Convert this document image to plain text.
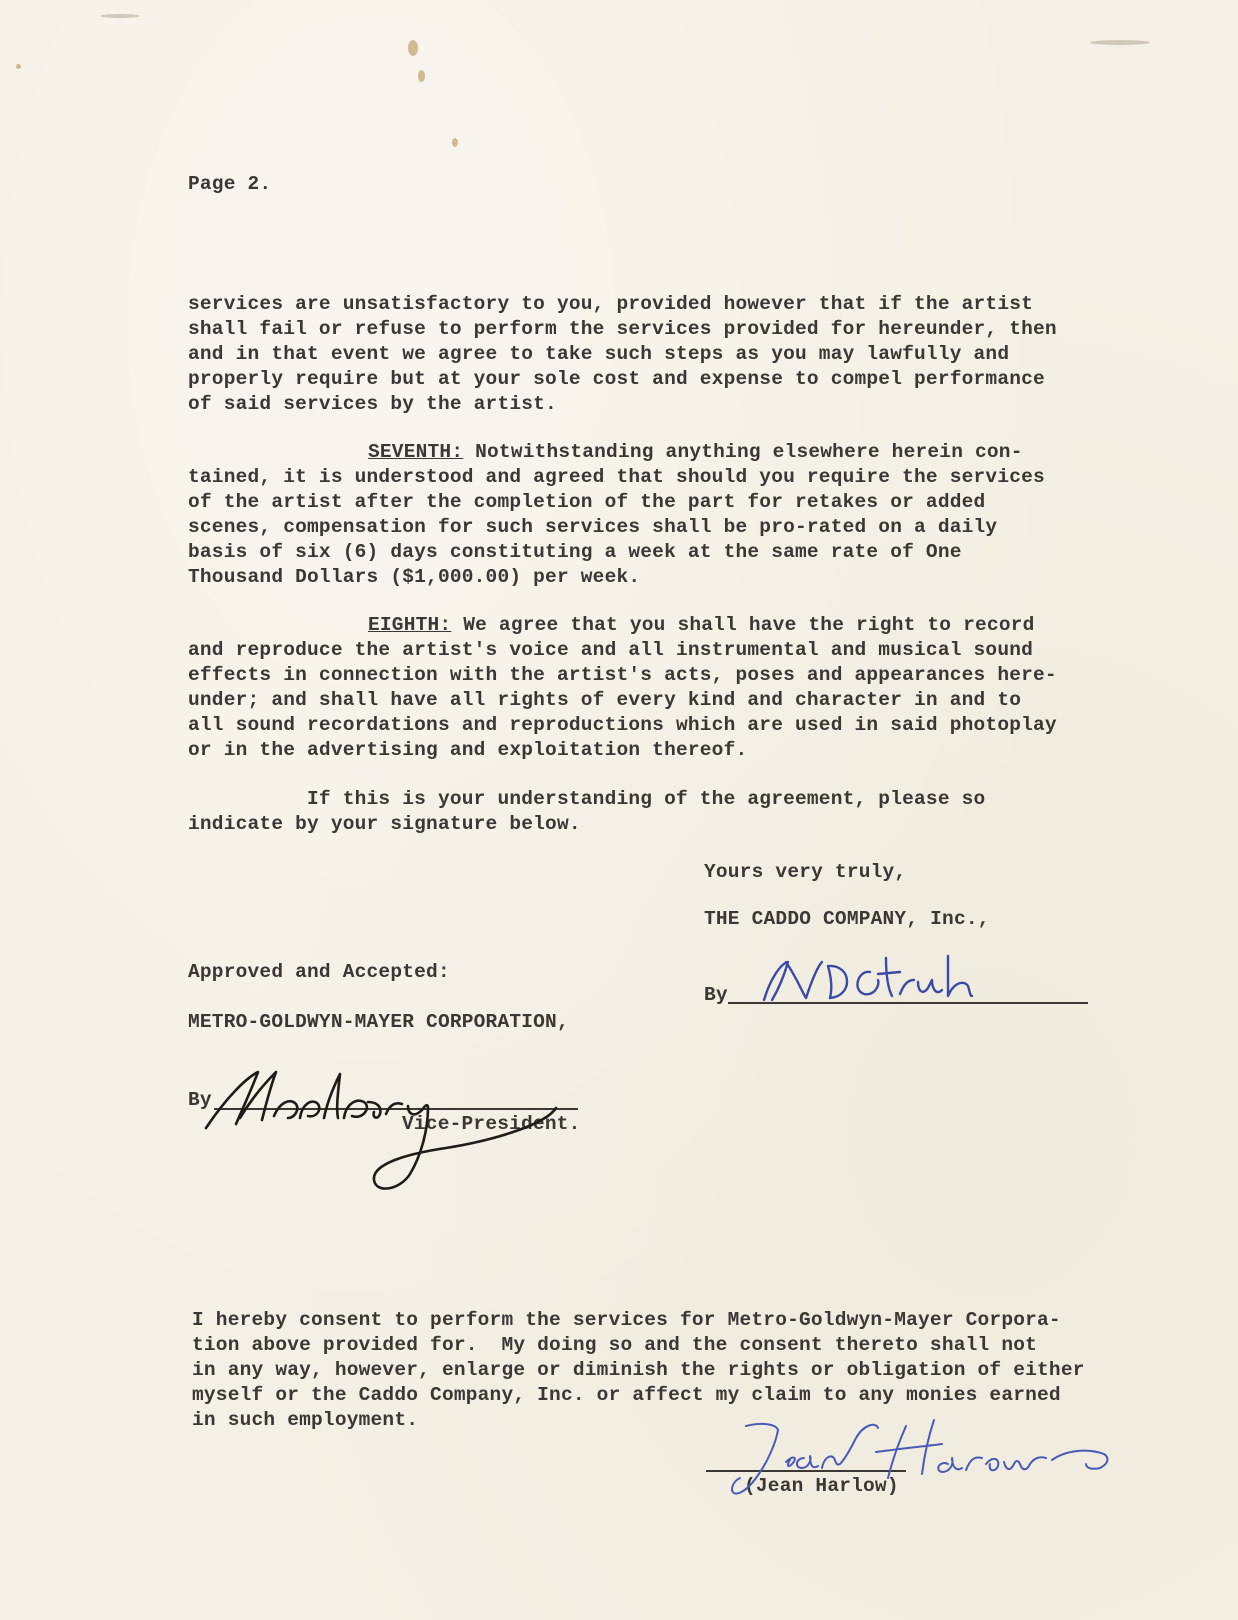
Page 2.

services are unsatisfactory to you, provided however that if the artist

shall fail or refuse to perform the services provided for hereunder, then

and in that event we agree to take such steps as you may lawfully and

properly require but at your sole cost and expense to compel performance

of said services by the artist.

SEVENTH: Notwithstanding anything elsewhere herein con-

tained, it is understood and agreed that should you require the services

of the artist after the completion of the part for retakes or added

scenes, compensation for such services shall be pro-rated on a daily

basis of six (6) days constituting a week at the same rate of One

Thousand Dollars ($1,000.00) per week.

EIGHTH: We agree that you shall have the right to record

and reproduce the artist's voice and all instrumental and musical sound

effects in connection with the artist's acts, poses and appearances here-

under; and shall have all rights of every kind and character in and to

all sound recordations and reproductions which are used in said photoplay

or in the advertising and exploitation thereof.

If this is your understanding of the agreement, please so

indicate by your signature below.

Yours very truly,

THE CADDO COMPANY, Inc.,

By

Approved and Accepted:

METRO-GOLDWYN-MAYER CORPORATION,

By

Vice-President.

I hereby consent to perform the services for Metro-Goldwyn-Mayer Corpora-

tion above provided for.  My doing so and the consent thereto shall not

in any way, however, enlarge or diminish the rights or obligation of either

myself or the Caddo Company, Inc. or affect my claim to any monies earned

in such employment.

(Jean Harlow)
